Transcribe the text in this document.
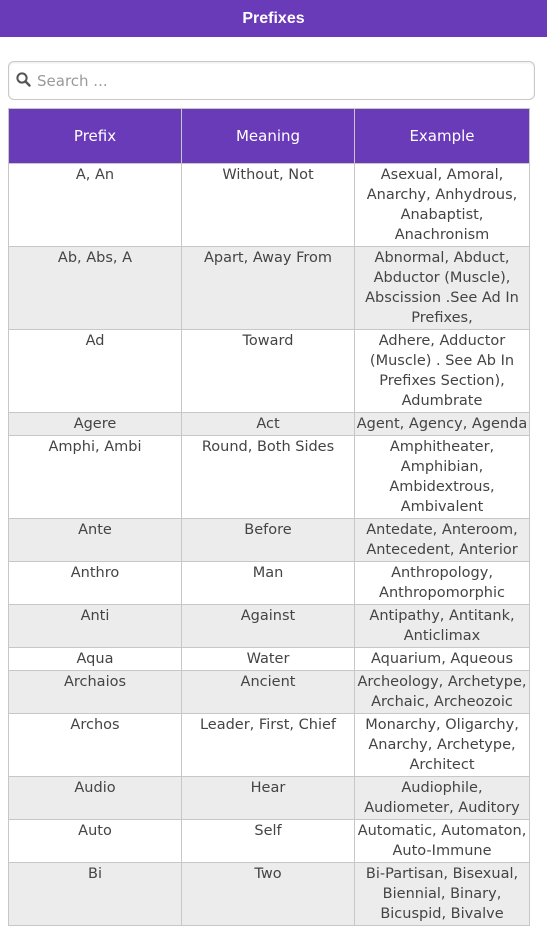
Prefixes
Search ...
Prefix	Meaning	Example
A, An	Without, Not	Asexual, Amoral, Anarchy, Anhydrous, Anabaptist, Anachronism
Ab, Abs, A	Apart, Away From	Abnormal, Abduct, Abductor (Muscle), Abscission .See Ad In Prefixes,
Ad	Toward	Adhere, Adductor (Muscle) . See Ab In Prefixes Section), Adumbrate
Agere	Act	Agent, Agency, Agenda
Amphi, Ambi	Round, Both Sides	Amphitheater, Amphibian, Ambidextrous, Ambivalent
Ante	Before	Antedate, Anteroom, Antecedent, Anterior
Anthro	Man	Anthropology, Anthropomorphic
Anti	Against	Antipathy, Antitank, Anticlimax
Aqua	Water	Aquarium, Aqueous
Archaios	Ancient	Archeology, Archetype, Archaic, Archeozoic
Archos	Leader, First, Chief	Monarchy, Oligarchy, Anarchy, Archetype, Architect
Audio	Hear	Audiophile, Audiometer, Auditory
Auto	Self	Automatic, Automaton, Auto-Immune
Bi	Two	Bi-Partisan, Bisexual, Biennial, Binary, Bicuspid, Bivalve
